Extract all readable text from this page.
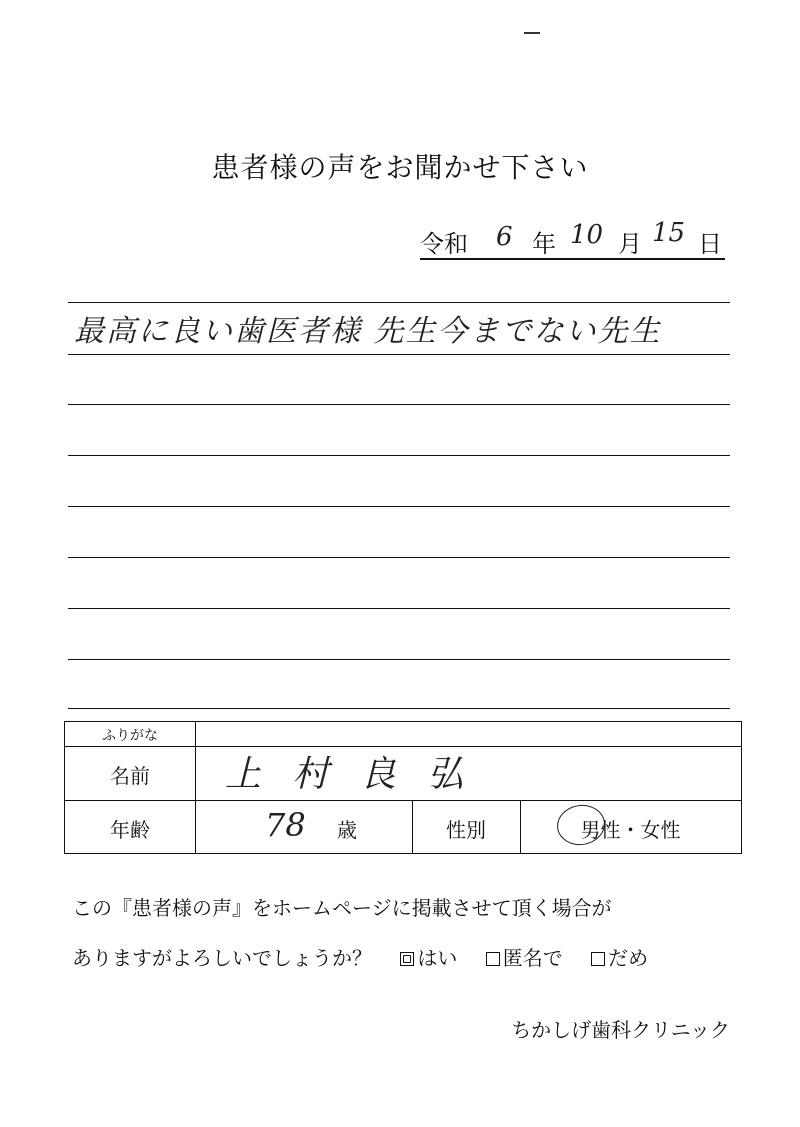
患者様の声をお聞かせ下さい
令和 6 年 10 月 15 日
最高に良い歯医者様 先生今までない先生
ふりがな
名前	上 村 良 弘
年齢	78 歳	性別	男性・女性
この『患者様の声』をホームページに掲載させて頂く場合が
ありますがよろしいでしょうか？ はい 匿名で だめ
ちかしげ歯科クリニック
